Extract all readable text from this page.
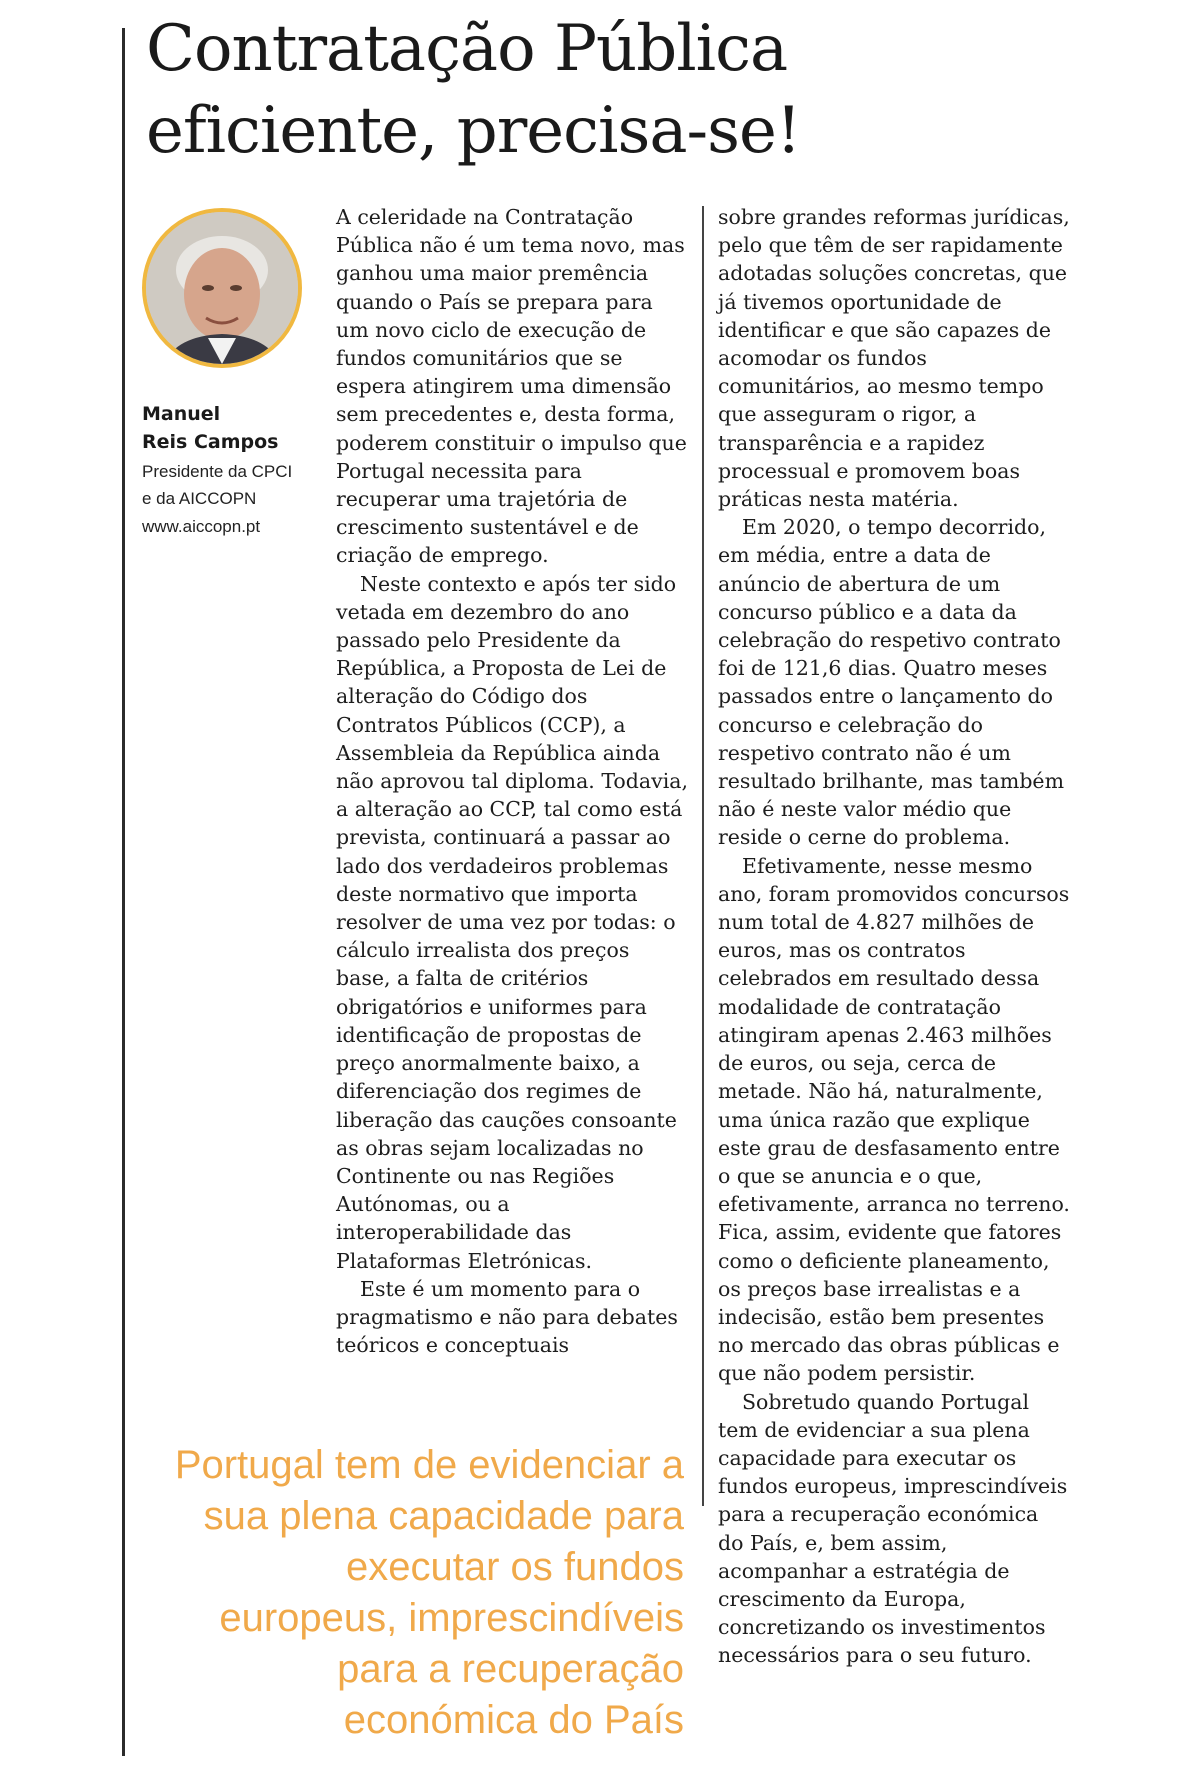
Contratação Pública
eficiente, precisa-se!

Manuel
Reis Campos

Presidente da CPCI
e da AICCOPN

www.aiccopn.pt

A celeridade na Contratação Pública não é um tema novo, mas ganhou uma maior premência quando o País se prepara para um novo ciclo de execução de fundos comunitários que se espera atingirem uma dimensão sem precedentes e, desta forma, poderem constituir o impulso que Portugal necessita para recuperar uma trajetória de crescimento sustentável e de criação de emprego.

Neste contexto e após ter sido vetada em dezembro do ano passado pelo Presidente da República, a Proposta de Lei de alteração do Código dos Contratos Públicos (CCP), a Assembleia da República ainda não aprovou tal diploma. Todavia, a alteração ao CCP, tal como está prevista, continuará a passar ao lado dos verdadeiros problemas deste normativo que importa resolver de uma vez por todas: o cálculo irrealista dos preços base, a falta de critérios obrigatórios e uniformes para identificação de propostas de preço anormalmente baixo, a diferenciação dos regimes de liberação das cauções consoante as obras sejam localizadas no Continente ou nas Regiões Autónomas, ou a interoperabilidade das Plataformas Eletrónicas.

Este é um momento para o pragmatismo e não para debates teóricos e conceptuais

sobre grandes reformas jurídicas, pelo que têm de ser rapidamente adotadas soluções concretas, que já tivemos oportunidade de identificar e que são capazes de acomodar os fundos comunitários, ao mesmo tempo que asseguram o rigor, a transparência e a rapidez processual e promovem boas práticas nesta matéria.

Em 2020, o tempo decorrido, em média, entre a data de anúncio de abertura de um concurso público e a data da celebração do respetivo contrato foi de 121,6 dias. Quatro meses passados entre o lançamento do concurso e celebração do respetivo contrato não é um resultado brilhante, mas também não é neste valor médio que reside o cerne do problema.

Efetivamente, nesse mesmo ano, foram promovidos concursos num total de 4.827 milhões de euros, mas os contratos celebrados em resultado dessa modalidade de contratação atingiram apenas 2.463 milhões de euros, ou seja, cerca de metade. Não há, naturalmente, uma única razão que explique este grau de desfasamento entre o que se anuncia e o que, efetivamente, arranca no terreno. Fica, assim, evidente que fatores como o deficiente planeamento, os preços base irrealistas e a indecisão, estão bem presentes no mercado das obras públicas e que não podem persistir.

Sobretudo quando Portugal tem de evidenciar a sua plena capacidade para executar os fundos europeus, imprescindíveis para a recuperação económica do País, e, bem assim, acompanhar a estratégia de crescimento da Europa, concretizando os investimentos necessários para o seu futuro.

Portugal tem de evidenciar a sua plena capacidade para executar os fundos europeus, imprescindíveis para a recuperação económica do País
